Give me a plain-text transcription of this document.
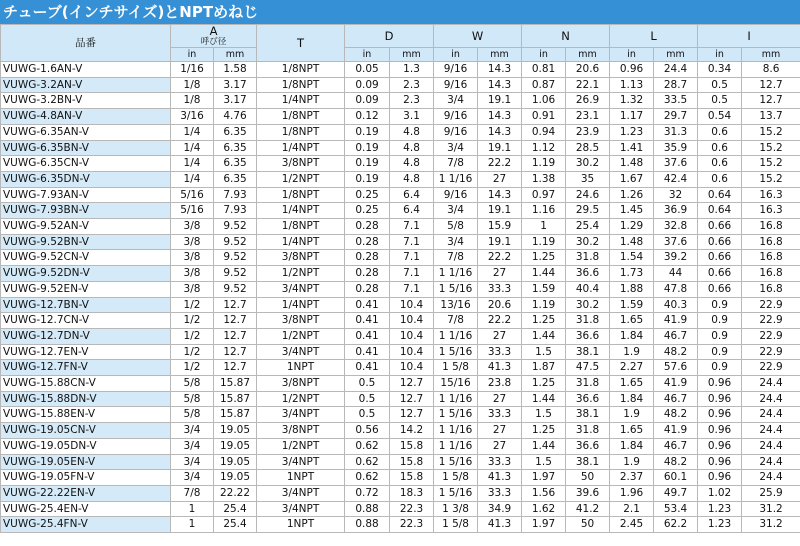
チューブ(インチサイズ)とNPTめねじ
品番	A
呼び径		T	D		W		N		L		I	
	in	mm		in	mm	in	mm	in	mm	in	mm	in	mm
VUWG-1.6AN-V	1/16	1.58	1/8NPT	0.05	1.3	9/16	14.3	0.81	20.6	0.96	24.4	0.34	8.6
VUWG-3.2AN-V	1/8	3.17	1/8NPT	0.09	2.3	9/16	14.3	0.87	22.1	1.13	28.7	0.5	12.7
VUWG-3.2BN-V	1/8	3.17	1/4NPT	0.09	2.3	3/4	19.1	1.06	26.9	1.32	33.5	0.5	12.7
VUWG-4.8AN-V	3/16	4.76	1/8NPT	0.12	3.1	9/16	14.3	0.91	23.1	1.17	29.7	0.54	13.7
VUWG-6.35AN-V	1/4	6.35	1/8NPT	0.19	4.8	9/16	14.3	0.94	23.9	1.23	31.3	0.6	15.2
VUWG-6.35BN-V	1/4	6.35	1/4NPT	0.19	4.8	3/4	19.1	1.12	28.5	1.41	35.9	0.6	15.2
VUWG-6.35CN-V	1/4	6.35	3/8NPT	0.19	4.8	7/8	22.2	1.19	30.2	1.48	37.6	0.6	15.2
VUWG-6.35DN-V	1/4	6.35	1/2NPT	0.19	4.8	1 1/16	27	1.38	35	1.67	42.4	0.6	15.2
VUWG-7.93AN-V	5/16	7.93	1/8NPT	0.25	6.4	9/16	14.3	0.97	24.6	1.26	32	0.64	16.3
VUWG-7.93BN-V	5/16	7.93	1/4NPT	0.25	6.4	3/4	19.1	1.16	29.5	1.45	36.9	0.64	16.3
VUWG-9.52AN-V	3/8	9.52	1/8NPT	0.28	7.1	5/8	15.9	1	25.4	1.29	32.8	0.66	16.8
VUWG-9.52BN-V	3/8	9.52	1/4NPT	0.28	7.1	3/4	19.1	1.19	30.2	1.48	37.6	0.66	16.8
VUWG-9.52CN-V	3/8	9.52	3/8NPT	0.28	7.1	7/8	22.2	1.25	31.8	1.54	39.2	0.66	16.8
VUWG-9.52DN-V	3/8	9.52	1/2NPT	0.28	7.1	1 1/16	27	1.44	36.6	1.73	44	0.66	16.8
VUWG-9.52EN-V	3/8	9.52	3/4NPT	0.28	7.1	1 5/16	33.3	1.59	40.4	1.88	47.8	0.66	16.8
VUWG-12.7BN-V	1/2	12.7	1/4NPT	0.41	10.4	13/16	20.6	1.19	30.2	1.59	40.3	0.9	22.9
VUWG-12.7CN-V	1/2	12.7	3/8NPT	0.41	10.4	7/8	22.2	1.25	31.8	1.65	41.9	0.9	22.9
VUWG-12.7DN-V	1/2	12.7	1/2NPT	0.41	10.4	1 1/16	27	1.44	36.6	1.84	46.7	0.9	22.9
VUWG-12.7EN-V	1/2	12.7	3/4NPT	0.41	10.4	1 5/16	33.3	1.5	38.1	1.9	48.2	0.9	22.9
VUWG-12.7FN-V	1/2	12.7	1NPT	0.41	10.4	1 5/8	41.3	1.87	47.5	2.27	57.6	0.9	22.9
VUWG-15.88CN-V	5/8	15.87	3/8NPT	0.5	12.7	15/16	23.8	1.25	31.8	1.65	41.9	0.96	24.4
VUWG-15.88DN-V	5/8	15.87	1/2NPT	0.5	12.7	1 1/16	27	1.44	36.6	1.84	46.7	0.96	24.4
VUWG-15.88EN-V	5/8	15.87	3/4NPT	0.5	12.7	1 5/16	33.3	1.5	38.1	1.9	48.2	0.96	24.4
VUWG-19.05CN-V	3/4	19.05	3/8NPT	0.56	14.2	1 1/16	27	1.25	31.8	1.65	41.9	0.96	24.4
VUWG-19.05DN-V	3/4	19.05	1/2NPT	0.62	15.8	1 1/16	27	1.44	36.6	1.84	46.7	0.96	24.4
VUWG-19.05EN-V	3/4	19.05	3/4NPT	0.62	15.8	1 5/16	33.3	1.5	38.1	1.9	48.2	0.96	24.4
VUWG-19.05FN-V	3/4	19.05	1NPT	0.62	15.8	1 5/8	41.3	1.97	50	2.37	60.1	0.96	24.4
VUWG-22.22EN-V	7/8	22.22	3/4NPT	0.72	18.3	1 5/16	33.3	1.56	39.6	1.96	49.7	1.02	25.9
VUWG-25.4EN-V	1	25.4	3/4NPT	0.88	22.3	1 3/8	34.9	1.62	41.2	2.1	53.4	1.23	31.2
VUWG-25.4FN-V	1	25.4	1NPT	0.88	22.3	1 5/8	41.3	1.97	50	2.45	62.2	1.23	31.2
